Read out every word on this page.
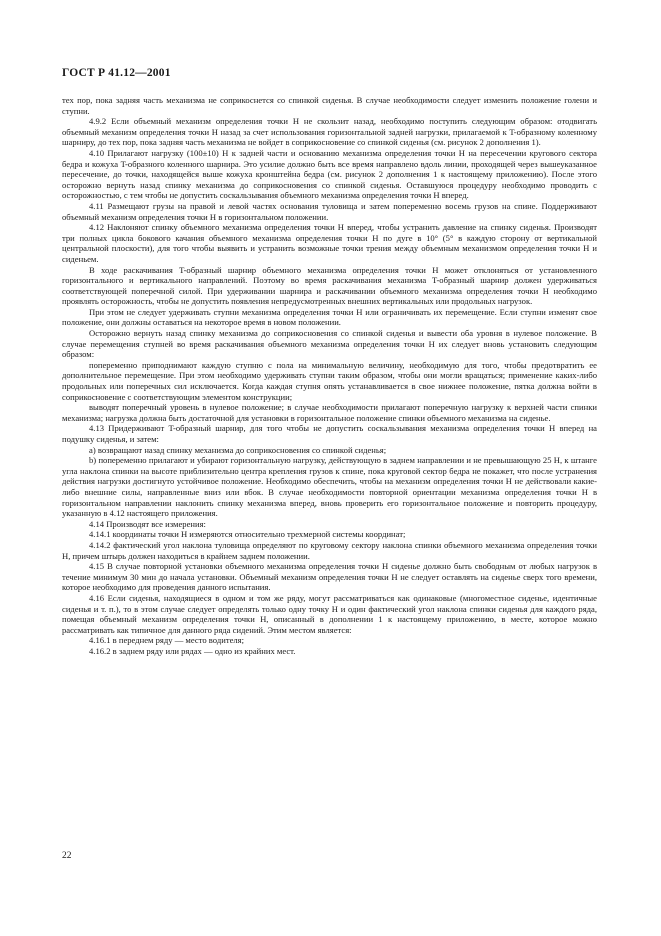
ГОСТ Р 41.12—2001

тех пор, пока задняя часть механизма не соприкоснется со спинкой сиденья. В случае необходимости следует изменить положение голени и ступни.

4.9.2 Если объемный механизм определения точки H не скользит назад, необходимо поступить следующим образом: отодвигать объемный механизм определения точки H назад за счет использования горизонтальной задней нагрузки, прилагаемой к T-образному коленному шарниру, до тех пор, пока задняя часть механизма не войдет в соприкосновение со спинкой сиденья (см. рисунок 2 дополнения 1).

4.10 Прилагают нагрузку (100±10) Н к задней части и основанию механизма определения точки H на пересечении кругового сектора бедра и кожуха T-образного коленного шарнира. Это усилие должно быть все время направлено вдоль линии, проходящей через вышеуказанное пересечение, до точки, находящейся выше кожуха кронштейна бедра (см. рисунок 2 дополнения 1 к настоящему приложению). После этого осторожно вернуть назад спинку механизма до соприкосновения со спинкой сиденья. Оставшуюся процедуру необходимо проводить с осторожностью, с тем чтобы не допустить соскальзывания объемного механизма определения точки H вперед.

4.11 Размещают грузы на правой и левой частях основания туловища и затем попеременно восемь грузов на спине. Поддерживают объемный механизм определения точки H в горизонтальном положении.

4.12 Наклоняют спинку объемного механизма определения точки H вперед, чтобы устранить давление на спинку сиденья. Производят три полных цикла бокового качания объемного механизма определения точки H по дуге в 10° (5° в каждую сторону от вертикальной центральной плоскости), для того чтобы выявить и устранить возможные точки трения между объемным механизмом определения точки H и сиденьем.

В ходе раскачивания T-образный шарнир объемного механизма определения точки H может отклоняться от установленного горизонтального и вертикального направлений. Поэтому во время раскачивания механизма T-образный шарнир должен удерживаться соответствующей поперечной силой. При удерживании шарнира и раскачивании объемного механизма определения точки H необходимо проявлять осторожность, чтобы не допустить появления непредусмотренных внешних вертикальных или продольных нагрузок.

При этом не следует удерживать ступни механизма определения точки H или ограничивать их перемещение. Если ступни изменят свое положение, они должны оставаться на некоторое время в новом положении.

Осторожно вернуть назад спинку механизма до соприкосновения со спинкой сиденья и вывести оба уровня в нулевое положение. В случае перемещения ступней во время раскачивания объемного механизма определения точки H их следует вновь установить следующим образом:

попеременно приподнимают каждую ступню с пола на минимальную величину, необходимую для того, чтобы предотвратить ее дополнительное перемещение. При этом необходимо удерживать ступни таким образом, чтобы они могли вращаться; применение каких-либо продольных или поперечных сил исключается. Когда каждая ступня опять устанавливается в свое нижнее положение, пятка должна войти в соприкосновение с соответствующим элементом конструкции;

выводят поперечный уровень в нулевое положение; в случае необходимости прилагают поперечную нагрузку к верхней части спинки механизма; нагрузка должна быть достаточной для установки в горизонтальное положение спинки объемного механизма на сиденье.

4.13 Придерживают T-образный шарнир, для того чтобы не допустить соскальзывания механизма определения точки H вперед на подушку сиденья, и затем:

a) возвращают назад спинку механизма до соприкосновения со спинкой сиденья;

b) попеременно прилагают и убирают горизонтальную нагрузку, действующую в заднем направлении и не превышающую 25 Н, к штанге угла наклона спинки на высоте приблизительно центра крепления грузов к спине, пока круговой сектор бедра не покажет, что после устранения действия нагрузки достигнуто устойчивое положение. Необходимо обеспечить, чтобы на механизм определения точки H не действовали какие-либо внешние силы, направленные вниз или вбок. В случае необходимости повторной ориентации механизма определения точки H в горизонтальном направлении наклонить спинку механизма вперед, вновь проверить его горизонтальное положение и повторить процедуру, указанную в 4.12 настоящего приложения.

4.14 Производят все измерения:

4.14.1 координаты точки H измеряются относительно трехмерной системы координат;

4.14.2 фактический угол наклона туловища определяют по круговому сектору наклона спинки объемного механизма определения точки H, причем штырь должен находиться в крайнем заднем положении.

4.15 В случае повторной установки объемного механизма определения точки H сиденье должно быть свободным от любых нагрузок в течение минимум 30 мин до начала установки. Объемный механизм определения точки H не следует оставлять на сиденье сверх того времени, которое необходимо для проведения данного испытания.

4.16 Если сиденья, находящиеся в одном и том же ряду, могут рассматриваться как одинаковые (многоместное сиденье, идентичные сиденья и т. п.), то в этом случае следует определять только одну точку H и один фактический угол наклона спинки сиденья для каждого ряда, помещая объемный механизм определения точки H, описанный в дополнении 1 к настоящему приложению, в месте, которое можно рассматривать как типичное для данного ряда сидений. Этим местом является:

4.16.1 в переднем ряду — место водителя;

4.16.2 в заднем ряду или рядах — одно из крайних мест.

22
